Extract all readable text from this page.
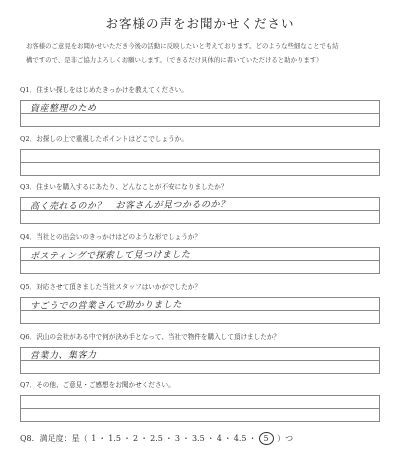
お客様の声をお聞かせください
お客様のご意見をお聞かせいただき今後の活動に反映したいと考えております。どのような些細なことでも結
構ですので、是非ご協力よろしくお願いします。（できるだけ具体的に書いていただけると助かります）
Q1．住まい探しをはじめたきっかけを教えてください。
資産整理のため
Q2．お探しの上で重視したポイントはどこでしょうか。
Q3．住まいを購入するにあたり、どんなことが不安になりましたか？
高く売れるのか？　お客さんが見つかるのか？
Q4．当社との出会いのきっかけはどのような形でしょうか？
ポスティングで探索して見つけました
Q5．対応させて頂きました当社スタッフはいかがでしたか？
すごうでの営業さんで助かりました
Q6．沢山の会社がある中で何が決め手となって、当社で物件を購入して頂けましたか？
営業力、集客力
Q7．その他、ご意見・ご感想をお聞かせください。
Q8．満足度：星（ 1 ・ 1.5 ・ 2 ・ 2.5 ・ 3 ・ 3.5 ・ 4 ・ 4.5 ・ 5 ）つ
